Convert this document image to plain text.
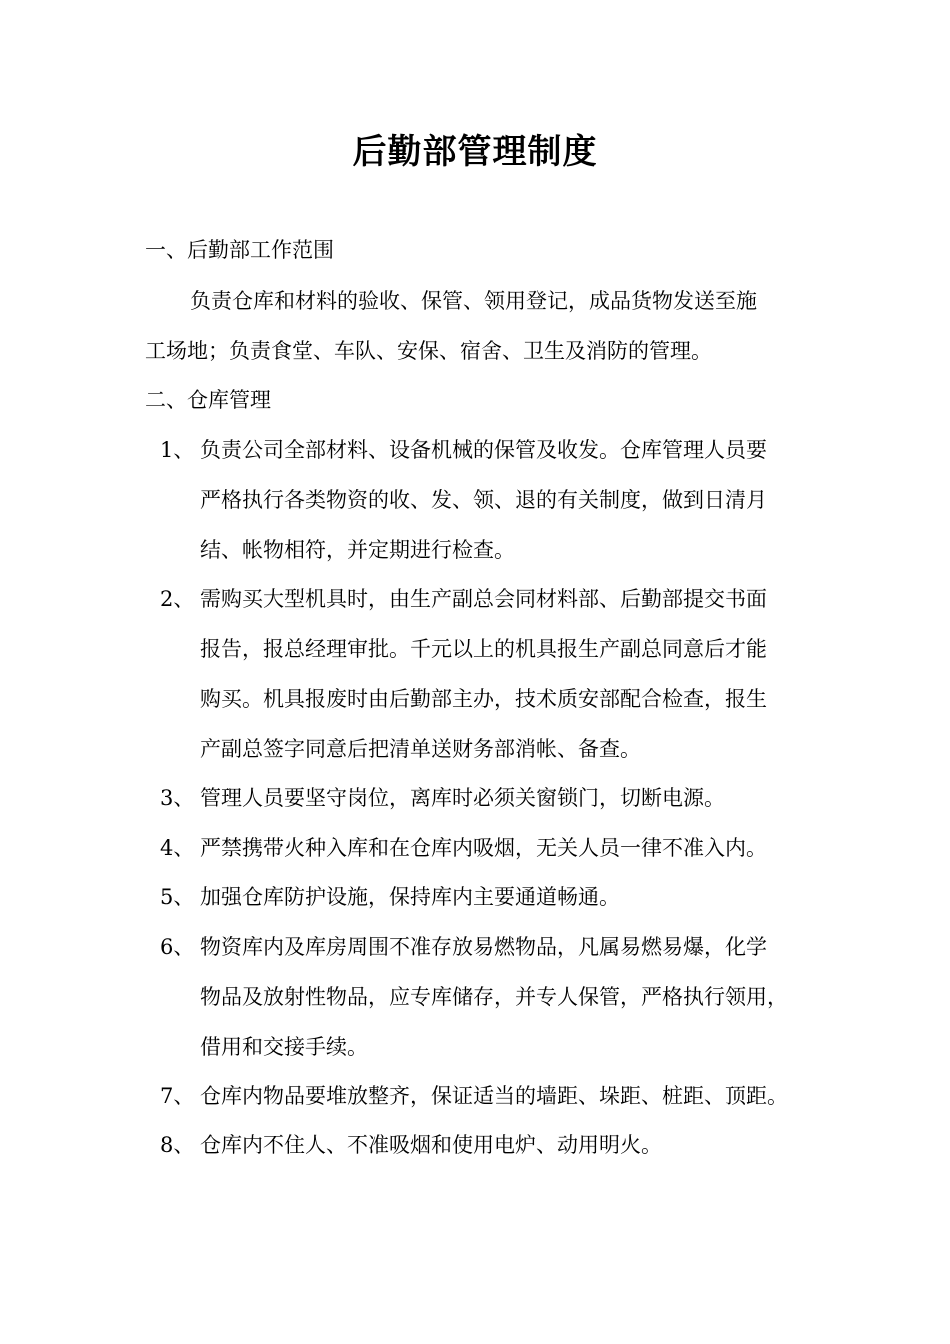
后勤部管理制度
一、后勤部工作范围
负责仓库和材料的验收、保管、领用登记，成品货物发送至施
工场地；负责食堂、车队、安保、宿舍、卫生及消防的管理。
二、仓库管理
1、 负责公司全部材料、设备机械的保管及收发。仓库管理人员要
严格执行各类物资的收、发、领、退的有关制度，做到日清月
结、帐物相符，并定期进行检查。
2、 需购买大型机具时，由生产副总会同材料部、后勤部提交书面
报告，报总经理审批。千元以上的机具报生产副总同意后才能
购买。机具报废时由后勤部主办，技术质安部配合检查，报生
产副总签字同意后把清单送财务部消帐、备查。
3、 管理人员要坚守岗位，离库时必须关窗锁门，切断电源。
4、 严禁携带火种入库和在仓库内吸烟，无关人员一律不准入内。
5、 加强仓库防护设施，保持库内主要通道畅通。
6、 物资库内及库房周围不准存放易燃物品，凡属易燃易爆，化学
物品及放射性物品，应专库储存，并专人保管，严格执行领用，
借用和交接手续。
7、 仓库内物品要堆放整齐，保证适当的墙距、垛距、桩距、顶距。
8、 仓库内不住人、不准吸烟和使用电炉、动用明火。
